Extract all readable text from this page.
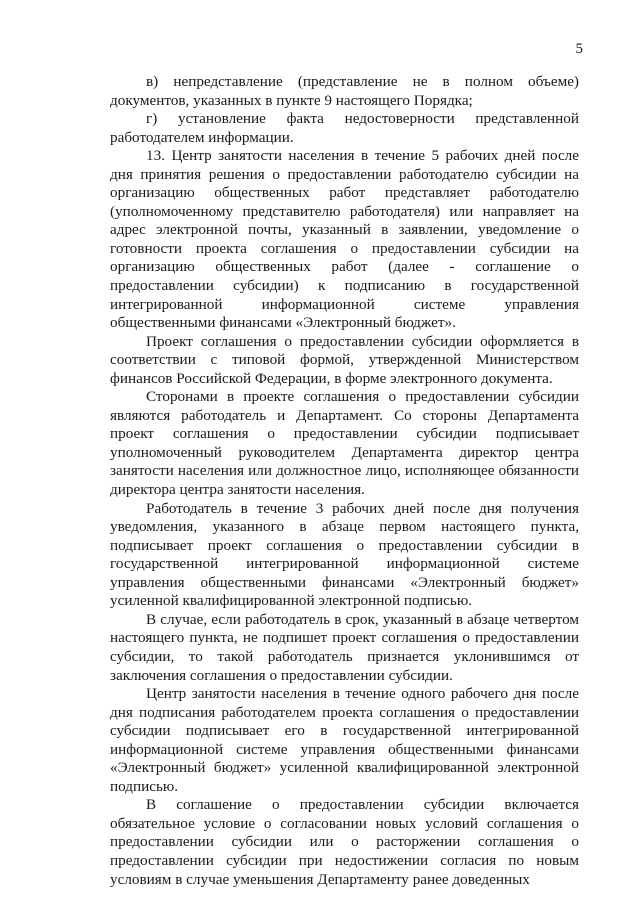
5

в) непредставление (представление не в полном объеме) документов, указанных в пункте 9 настоящего Порядка;

г) установление факта недостоверности представленной работодателем информации.

13. Центр занятости населения в течение 5 рабочих дней после дня принятия решения о предоставлении работодателю субсидии на организацию общественных работ представляет работодателю (уполномоченному представителю работодателя) или направляет на адрес электронной почты, указанный в заявлении, уведомление о готовности проекта соглашения о предоставлении субсидии на организацию общественных работ (далее - соглашение о предоставлении субсидии) к подписанию в государственной интегрированной информационной системе управления общественными финансами «Электронный бюджет».

Проект соглашения о предоставлении субсидии оформляется в соответствии с типовой формой, утвержденной Министерством финансов Российской Федерации, в форме электронного документа.

Сторонами в проекте соглашения о предоставлении субсидии являются работодатель и Департамент. Со стороны Департамента проект соглашения о предоставлении субсидии подписывает уполномоченный руководителем Департамента директор центра занятости населения или должностное лицо, исполняющее обязанности директора центра занятости населения.

Работодатель в течение 3 рабочих дней после дня получения уведомления, указанного в абзаце первом настоящего пункта, подписывает проект соглашения о предоставлении субсидии в государственной интегрированной информационной системе управления общественными финансами «Электронный бюджет» усиленной квалифицированной электронной подписью.

В случае, если работодатель в срок, указанный в абзаце четвертом настоящего пункта, не подпишет проект соглашения о предоставлении субсидии, то такой работодатель признается уклонившимся от заключения соглашения о предоставлении субсидии.

Центр занятости населения в течение одного рабочего дня после дня подписания работодателем проекта соглашения о предоставлении субсидии подписывает его в государственной интегрированной информационной системе управления общественными финансами «Электронный бюджет» усиленной квалифицированной электронной подписью.

В соглашение о предоставлении субсидии включается обязательное условие о согласовании новых условий соглашения о предоставлении субсидии или о расторжении соглашения о предоставлении субсидии при недостижении согласия по новым условиям в случае уменьшения Департаменту ранее доведенных
